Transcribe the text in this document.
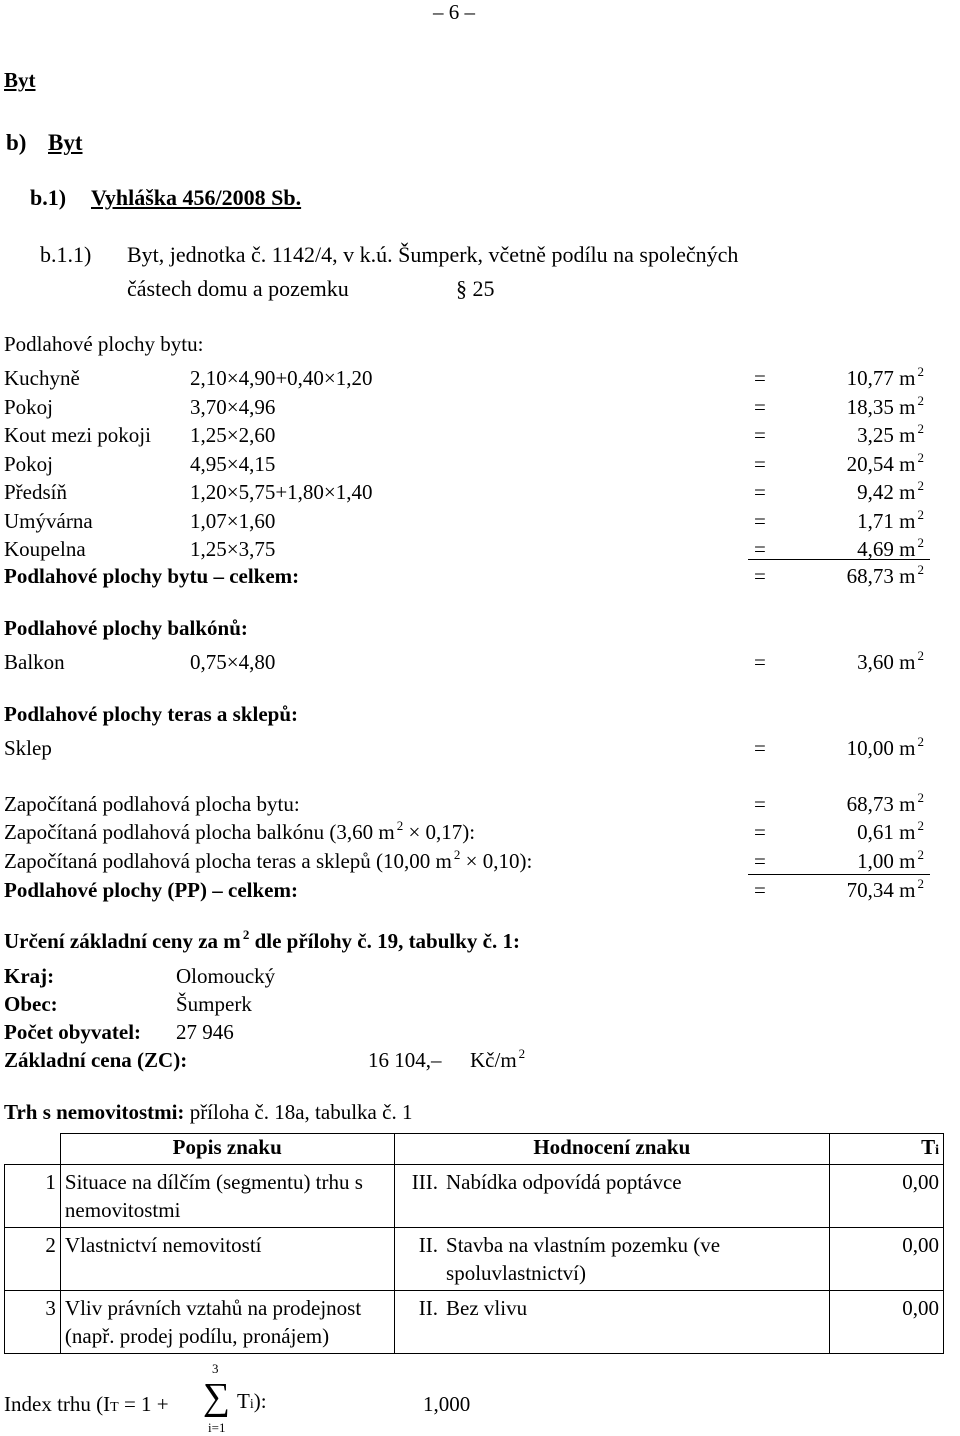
– 6 –
Byt
b) Byt
b.1) Vyhláška 456/2008 Sb.
b.1.1) Byt, jednotka č. 1142/4, v k.ú. Šumperk, včetně podílu na společných
částech domu a pozemku	§ 25
Podlahové plochy bytu:
Kuchyně	2,10×4,90+0,40×1,20	=	10,77 m $^2$
Pokoj	3,70×4,96	=	18,35 m $^2$
Kout mezi pokoji 1,25×2,60	=	3,25 m $^2$
Pokoj	4,95×4,15	=	20,54 m $^2$
Předsíň	1,20×5,75+1,80×1,40	=	9,42 m $^2$
Umývárna	1,07×1,60	=	1,71 m $^2$
Koupelna	1,25×3,75	=	4,69 m $^2$
Podlahové plochy bytu – celkem:	=	68,73 m $^2$
Podlahové plochy balkónů:
Balkon	0,75×4,80	=	3,60 m $^2$
Podlahové plochy teras a sklepů:
Sklep	=	10,00 m $^2$
Započítaná podlahová plocha bytu:	=	68,73 m $^2$
Započítaná podlahová plocha balkónu (3,60 m $^2$ × 0,17):	=	0,61 m $^2$
Započítaná podlahová plocha teras a sklepů (10,00 m $^2$ × 0,10):	=	1,00 m $^2$
Podlahové plochy (PP) – celkem:	=	70,34 m $^2$
Určení základní ceny za m $^2$ dle přílohy č. 19, tabulky č. 1:
Kraj:	Olomoucký
Obec:	Šumperk
Počet obyvatel: 27 946
Základní cena (ZC):	16 104,– Kč/m $^2$
Trh s nemovitostmi: příloha č. 18a, tabulka č. 1
	Popis znaku	Hodnocení znaku		Ti
1	Situace na dílčím (segmentu) trhu s nemovitostmi	III.	Nabídka odpovídá poptávce	0,00
2	Vlastnictví nemovitostí	II.	Stavba na vlastním pozemku (ve spoluvlastnictví)	0,00
3	Vliv právních vztahů na prodejnost (např. prodej podílu, pronájem)	II.	Bez vlivu	0,00
Index trhu (IT = 1 +
3
∑
i=1
Ti):	1,000
